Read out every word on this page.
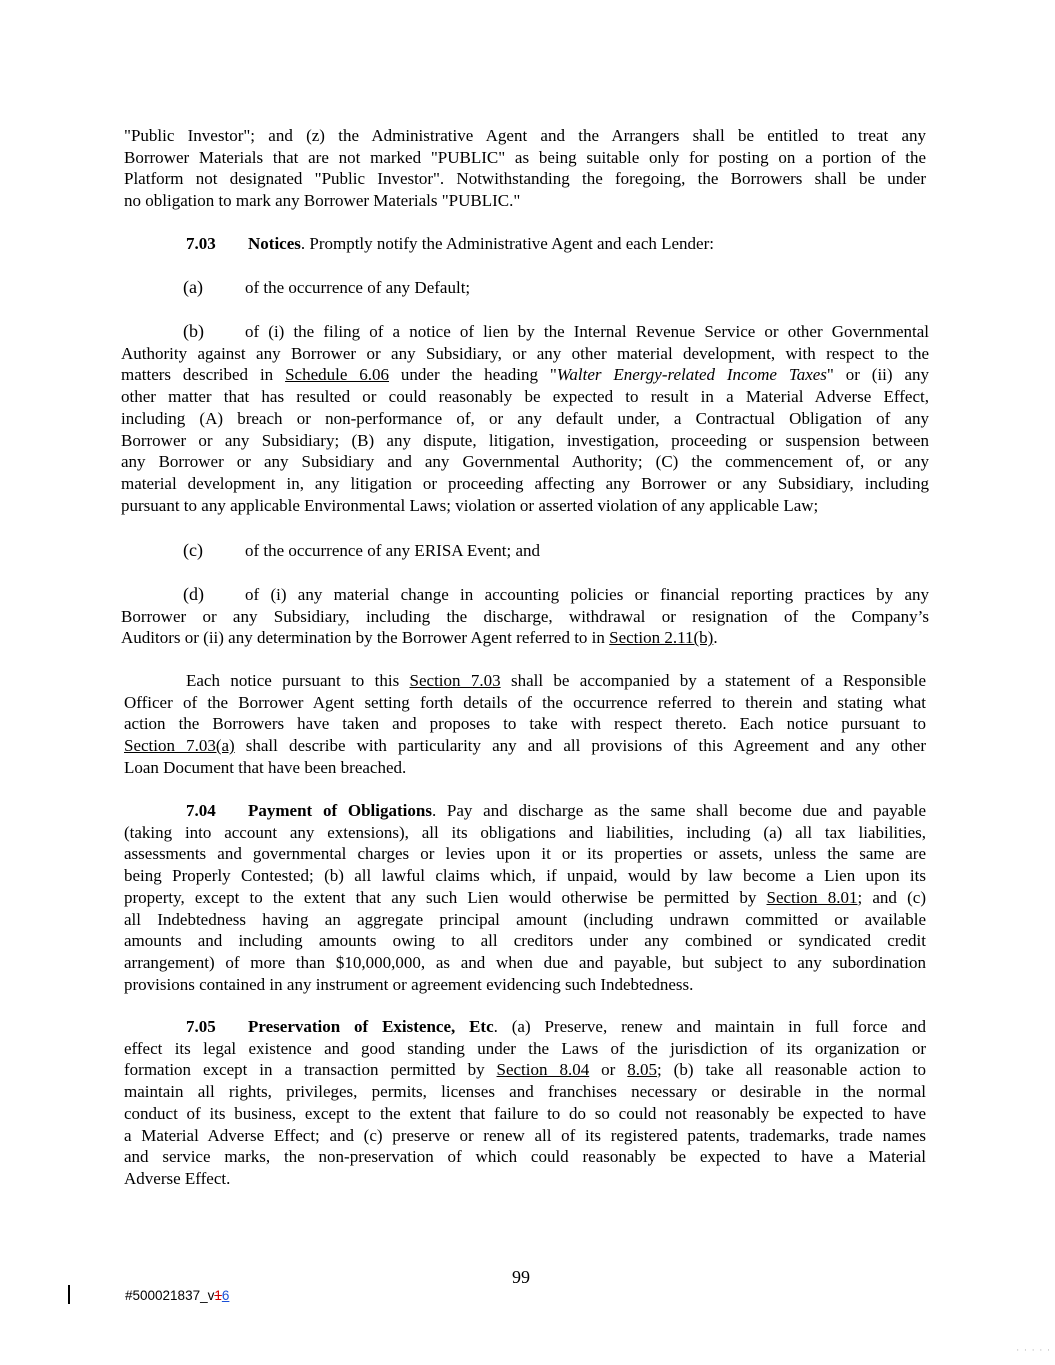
"Public Investor"; and (z) the Administrative Agent and the Arrangers shall be entitled to treat any

Borrower Materials that are not marked "PUBLIC" as being suitable only for posting on a portion of the

Platform not designated "Public Investor". Notwithstanding the foregoing, the Borrowers shall be under

no obligation to mark any Borrower Materials "PUBLIC."

7.03 Notices. Promptly notify the Administrative Agent and each Lender:

(a) of the occurrence of any Default;

(b) of (i) the filing of a notice of lien by the Internal Revenue Service or other Governmental

Authority against any Borrower or any Subsidiary, or any other material development, with respect to the

matters described in Schedule 6.06 under the heading "Walter Energy-related Income Taxes" or (ii) any

other matter that has resulted or could reasonably be expected to result in a Material Adverse Effect,

including (A) breach or non-performance of, or any default under, a Contractual Obligation of any

Borrower or any Subsidiary; (B) any dispute, litigation, investigation, proceeding or suspension between

any Borrower or any Subsidiary and any Governmental Authority; (C) the commencement of, or any

material development in, any litigation or proceeding affecting any Borrower or any Subsidiary, including

pursuant to any applicable Environmental Laws; violation or asserted violation of any applicable Law;

(c) of the occurrence of any ERISA Event; and

(d) of (i) any material change in accounting policies or financial reporting practices by any

Borrower or any Subsidiary, including the discharge, withdrawal or resignation of the Company’s

Auditors or (ii) any determination by the Borrower Agent referred to in Section 2.11(b).

Each notice pursuant to this Section 7.03 shall be accompanied by a statement of a Responsible

Officer of the Borrower Agent setting forth details of the occurrence referred to therein and stating what

action the Borrowers have taken and proposes to take with respect thereto. Each notice pursuant to

Section 7.03(a) shall describe with particularity any and all provisions of this Agreement and any other

Loan Document that have been breached.

7.04 Payment of Obligations. Pay and discharge as the same shall become due and payable

(taking into account any extensions), all its obligations and liabilities, including (a) all tax liabilities,

assessments and governmental charges or levies upon it or its properties or assets, unless the same are

being Properly Contested; (b) all lawful claims which, if unpaid, would by law become a Lien upon its

property, except to the extent that any such Lien would otherwise be permitted by Section 8.01; and (c)

all Indebtedness having an aggregate principal amount (including undrawn committed or available

amounts and including amounts owing to all creditors under any combined or syndicated credit

arrangement) of more than $10,000,000, as and when due and payable, but subject to any subordination

provisions contained in any instrument or agreement evidencing such Indebtedness.

7.05 Preservation of Existence, Etc. (a) Preserve, renew and maintain in full force and

effect its legal existence and good standing under the Laws of the jurisdiction of its organization or

formation except in a transaction permitted by Section 8.04 or 8.05; (b) take all reasonable action to

maintain all rights, privileges, permits, licenses and franchises necessary or desirable in the normal

conduct of its business, except to the extent that failure to do so could not reasonably be expected to have

a Material Adverse Effect; and (c) preserve or renew all of its registered patents, trademarks, trade names

and service marks, the non-preservation of which could reasonably be expected to have a Material

Adverse Effect.

99
#500021837_v16
· · · · ·
